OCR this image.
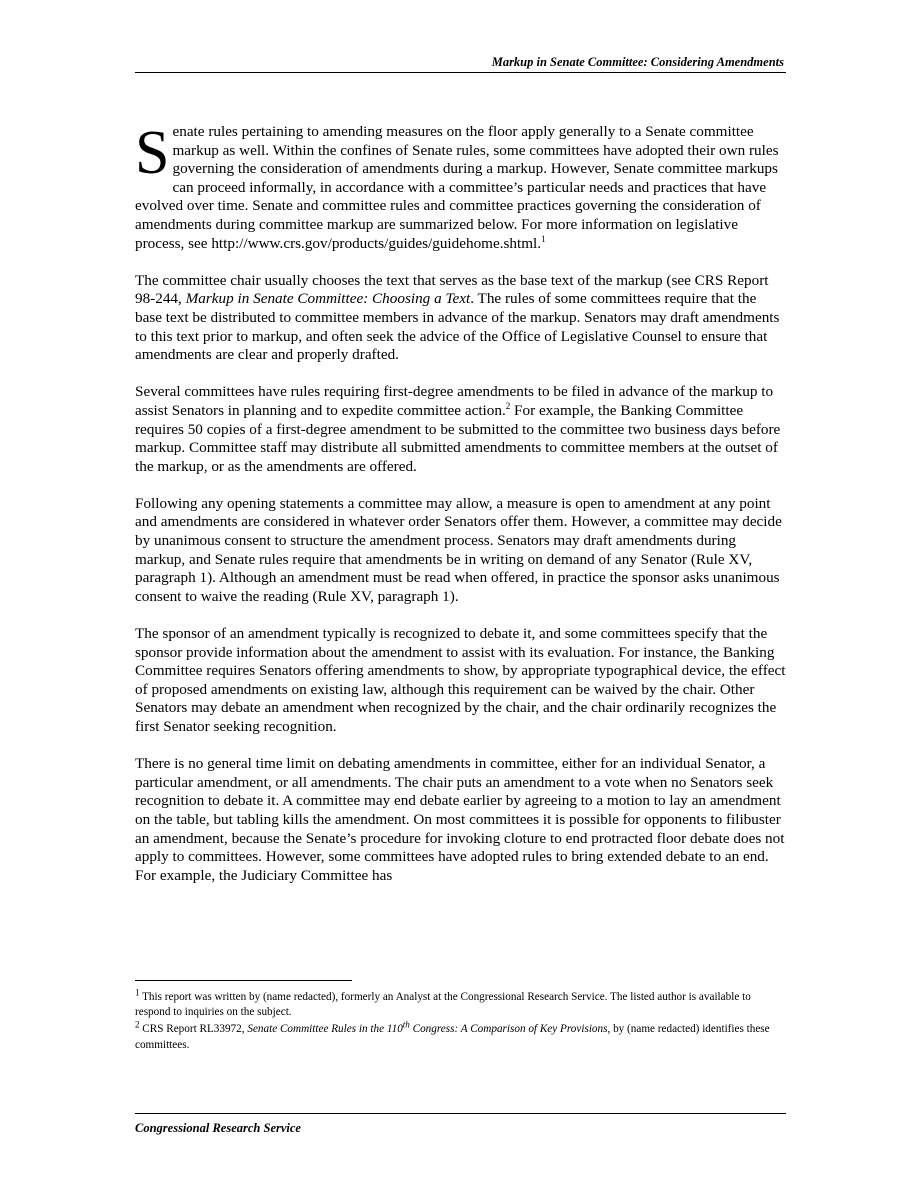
Markup in Senate Committee: Considering Amendments

Senate rules pertaining to amending measures on the floor apply generally to a Senate committee markup as well. Within the confines of Senate rules, some committees have adopted their own rules governing the consideration of amendments during a markup. However, Senate committee markups can proceed informally, in accordance with a committee’s particular needs and practices that have evolved over time. Senate and committee rules and committee practices governing the consideration of amendments during committee markup are summarized below. For more information on legislative process, see http://www.crs.gov/products/guides/guidehome.shtml.$^1$

The committee chair usually chooses the text that serves as the base text of the markup (see CRS Report 98-244, Markup in Senate Committee: Choosing a Text. The rules of some committees require that the base text be distributed to committee members in advance of the markup. Senators may draft amendments to this text prior to markup, and often seek the advice of the Office of Legislative Counsel to ensure that amendments are clear and properly drafted.

Several committees have rules requiring first-degree amendments to be filed in advance of the markup to assist Senators in planning and to expedite committee action.$^2$ For example, the Banking Committee requires 50 copies of a first-degree amendment to be submitted to the committee two business days before markup. Committee staff may distribute all submitted amendments to committee members at the outset of the markup, or as the amendments are offered.

Following any opening statements a committee may allow, a measure is open to amendment at any point and amendments are considered in whatever order Senators offer them. However, a committee may decide by unanimous consent to structure the amendment process. Senators may draft amendments during markup, and Senate rules require that amendments be in writing on demand of any Senator (Rule XV, paragraph 1). Although an amendment must be read when offered, in practice the sponsor asks unanimous consent to waive the reading (Rule XV, paragraph 1).

The sponsor of an amendment typically is recognized to debate it, and some committees specify that the sponsor provide information about the amendment to assist with its evaluation. For instance, the Banking Committee requires Senators offering amendments to show, by appropriate typographical device, the effect of proposed amendments on existing law, although this requirement can be waived by the chair. Other Senators may debate an amendment when recognized by the chair, and the chair ordinarily recognizes the first Senator seeking recognition.

There is no general time limit on debating amendments in committee, either for an individual Senator, a particular amendment, or all amendments. The chair puts an amendment to a vote when no Senators seek recognition to debate it. A committee may end debate earlier by agreeing to a motion to lay an amendment on the table, but tabling kills the amendment. On most committees it is possible for opponents to filibuster an amendment, because the Senate’s procedure for invoking cloture to end protracted floor debate does not apply to committees. However, some committees have adopted rules to bring extended debate to an end. For example, the Judiciary Committee has

$^1$ This report was written by (name redacted), formerly an Analyst at the Congressional Research Service. The listed author is available to respond to inquiries on the subject.

$^2$ CRS Report RL33972, Senate Committee Rules in the 110th Congress: A Comparison of Key Provisions, by (name redacted) identifies these committees.

Congressional Research Service
